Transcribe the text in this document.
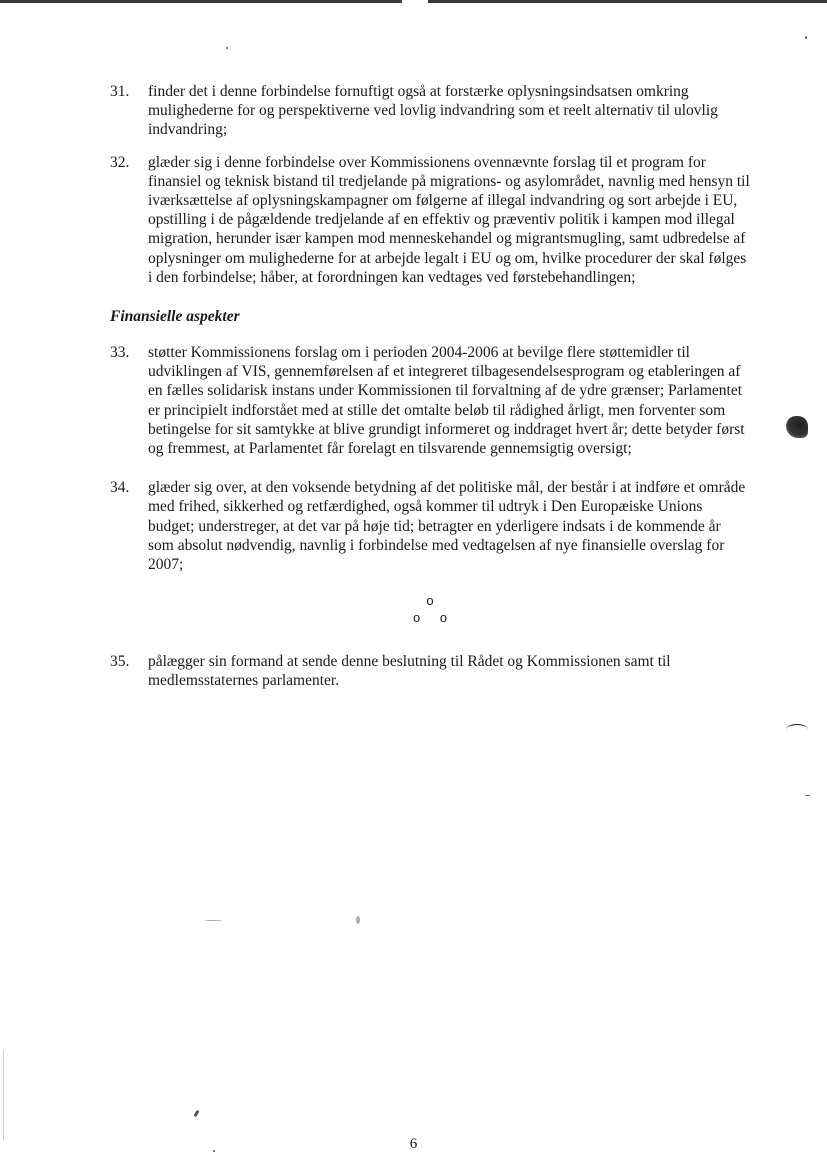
31. finder det i denne forbindelse fornuftigt også at forstærke oplysningsindsatsen omkring mulighederne for og perspektiverne ved lovlig indvandring som et reelt alternativ til ulovlig indvandring;
32. glæder sig i denne forbindelse over Kommissionens ovennævnte forslag til et program for finansiel og teknisk bistand til tredjelande på migrations- og asylområdet, navnlig med hensyn til iværksættelse af oplysningskampagner om følgerne af illegal indvandring og sort arbejde i EU, opstilling i de pågældende tredjelande af en effektiv og præventiv politik i kampen mod illegal migration, herunder især kampen mod menneskehandel og migrantsmugling, samt udbredelse af oplysninger om mulighederne for at arbejde legalt i EU og om, hvilke procedurer der skal følges i den forbindelse; håber, at forordningen kan vedtages ved førstebehandlingen;
Finansielle aspekter
33. støtter Kommissionens forslag om i perioden 2004-2006 at bevilge flere støttemidler til udviklingen af VIS, gennemførelsen af et integreret tilbagesendelsesprogram og etableringen af en fælles solidarisk instans under Kommissionen til forvaltning af de ydre grænser; Parlamentet er principielt indforstået med at stille det omtalte beløb til rådighed årligt, men forventer som betingelse for sit samtykke at blive grundigt informeret og inddraget hvert år; dette betyder først og fremmest, at Parlamentet får forelagt en tilsvarende gennemsigtig oversigt;
34. glæder sig over, at den voksende betydning af det politiske mål, der består i at indføre et område med frihed, sikkerhed og retfærdighed, også kommer til udtryk i Den Europæiske Unions budget; understreger, at det var på høje tid; betragter en yderligere indsats i de kommende år som absolut nødvendig, navnlig i forbindelse med vedtagelsen af nye finansielle overslag for 2007;
o
o o
35. pålægger sin formand at sende denne beslutning til Rådet og Kommissionen samt til medlemsstaternes parlamenter.
6
